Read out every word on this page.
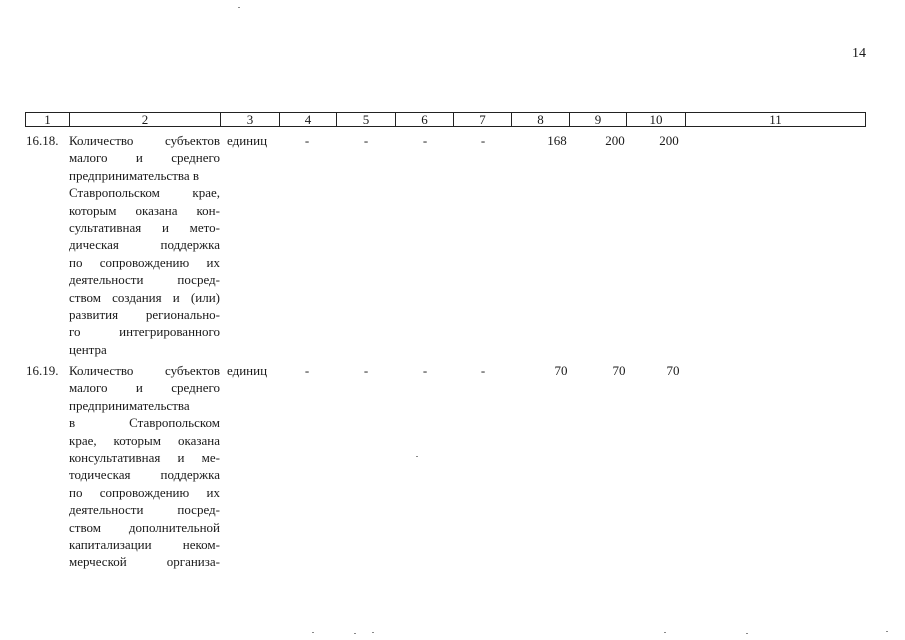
14
1	2	3	4	5	6	7	8	9	10	11
16.18. Количество субъектов
малого и среднего
предпринимательства в
Ставропольском	крае,
которым оказана кон-
сультативная и мето-
дическая	поддержка
по сопровождению их
деятельности	посред-
ством создания и (или)
развития регионально-
го	интегрированного
центра
единиц	-	-	-	-	168	200	200
16.19. Количество субъектов
малого и среднего
предпринимательства
в	Ставропольском
крае, которым оказана
консультативная и ме-
тодическая поддержка
по сопровождению их
деятельности	посред-
ством дополнительной
капитализации неком-
мерческой	организа-
единиц	-	-	-	-	70	70	70
